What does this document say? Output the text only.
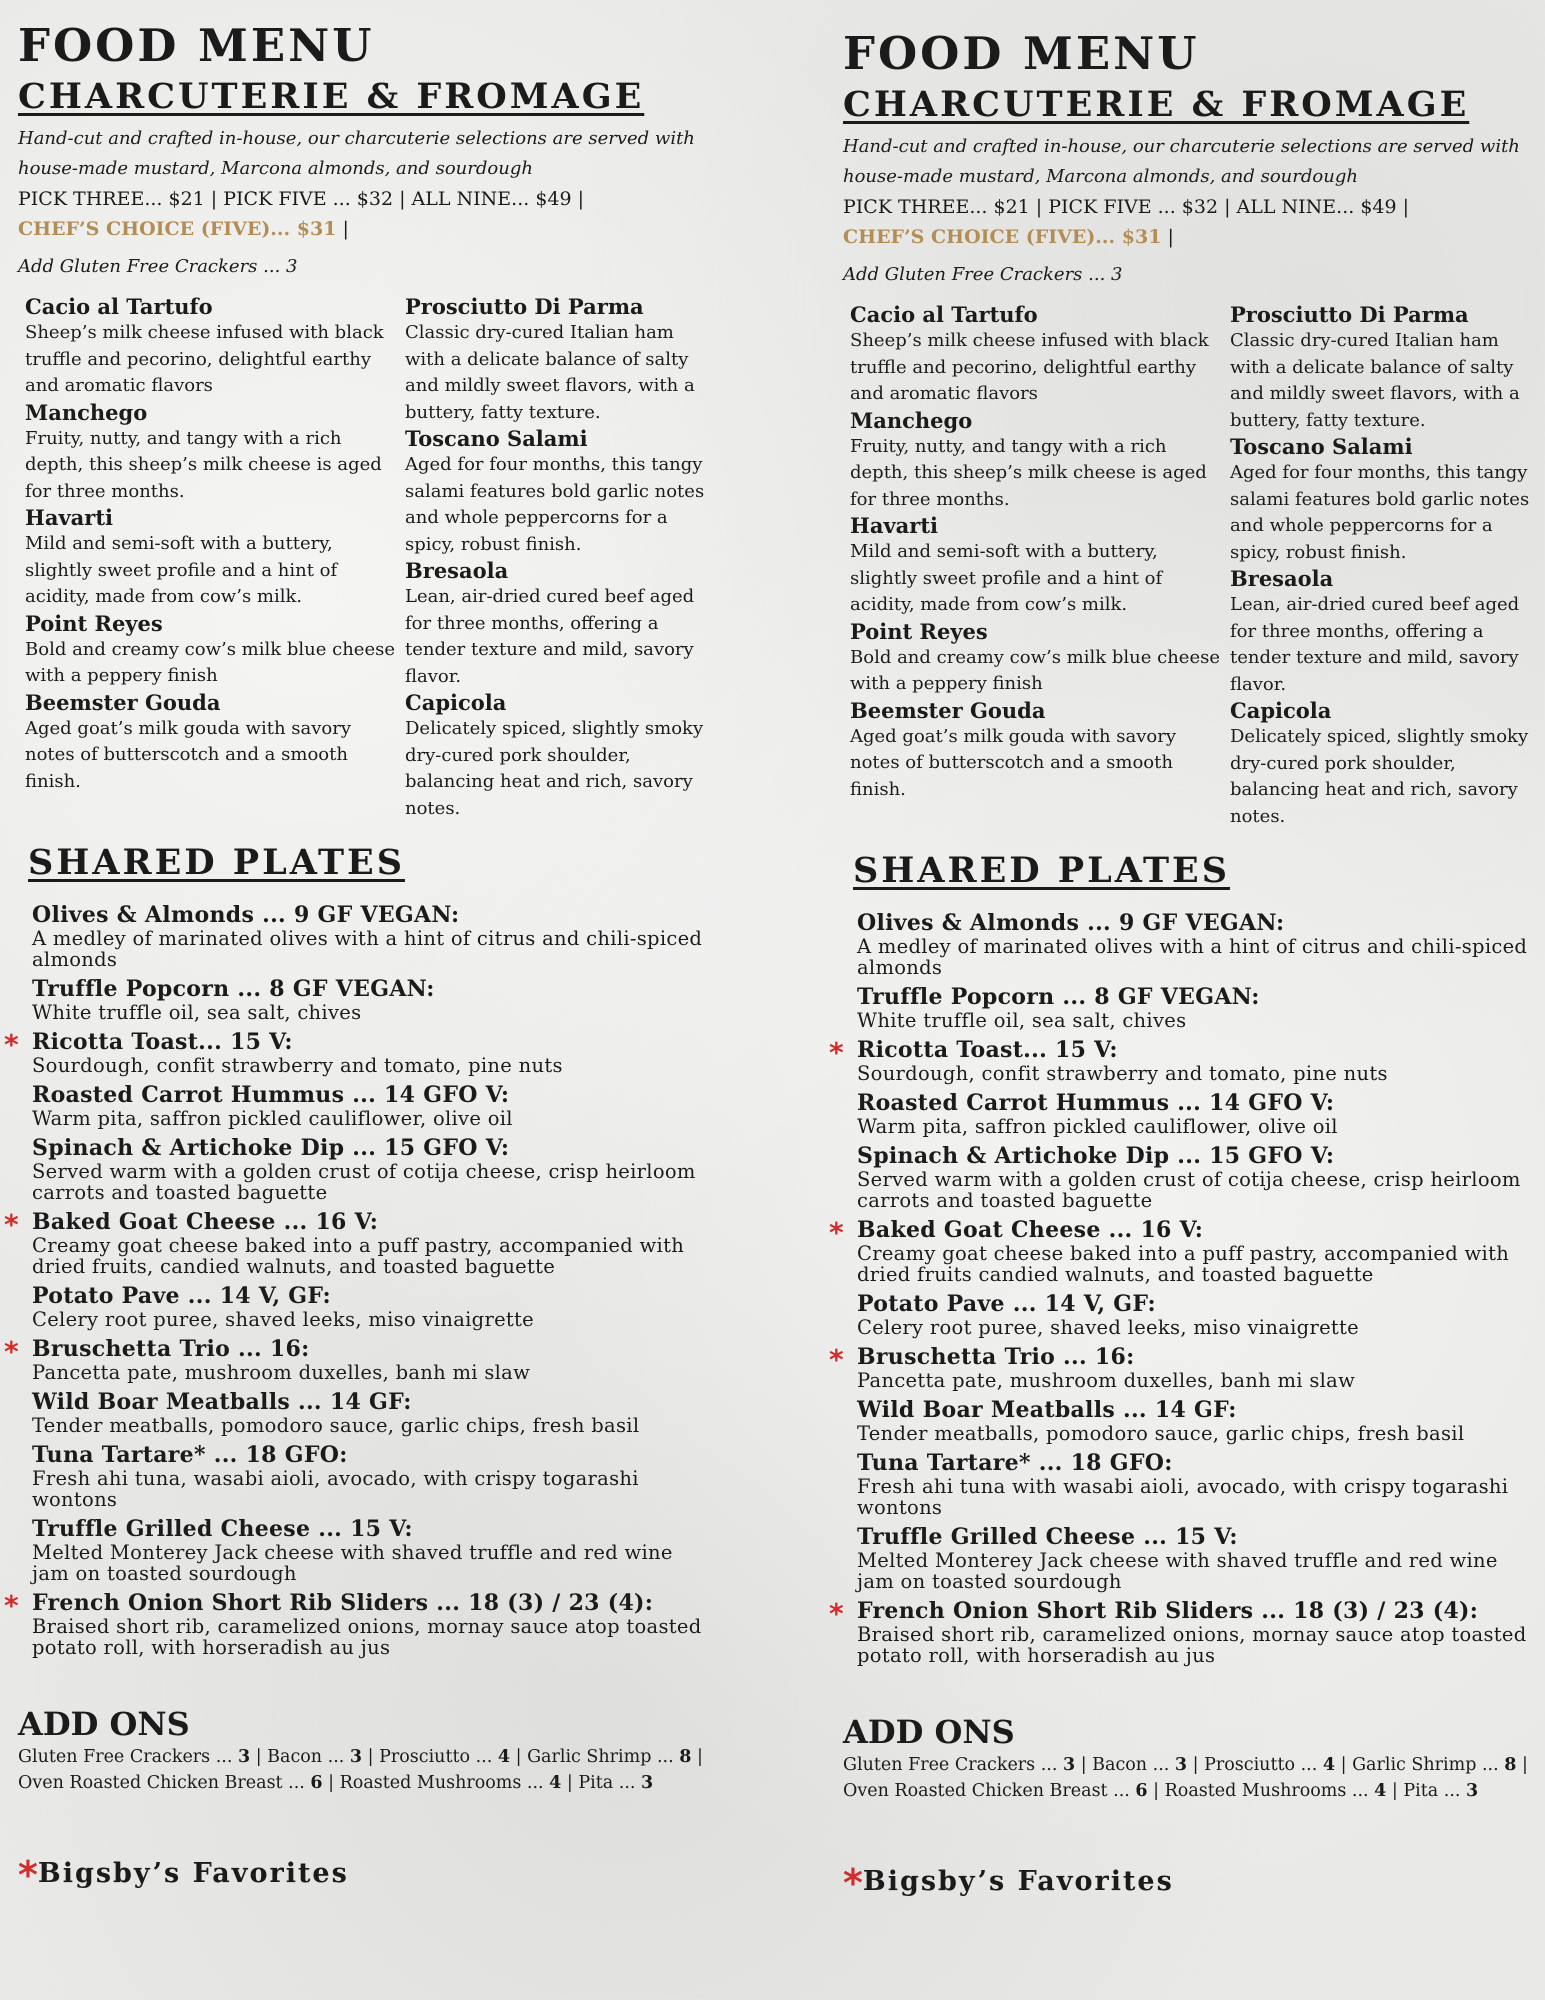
FOOD MENU
CHARCUTERIE & FROMAGE
Hand-cut and crafted in-house, our charcuterie selections are served with house-made mustard, Marcona almonds, and sourdough
PICK THREE... $21 | PICK FIVE ... $32 | ALL NINE... $49 |
CHEF’S CHOICE (FIVE)... $31 |
Add Gluten Free Crackers ... 3
Cacio al Tartufo
Sheep’s milk cheese infused with black truffle and pecorino, delightful earthy and aromatic flavors
Manchego
Fruity, nutty, and tangy with a rich depth, this sheep’s milk cheese is aged for three months.
Havarti
Mild and semi-soft with a buttery, slightly sweet profile and a hint of acidity, made from cow’s milk.
Point Reyes
Bold and creamy cow’s milk blue cheese with a peppery finish
Beemster Gouda
Aged goat’s milk gouda with savory notes of butterscotch and a smooth finish.
Prosciutto Di Parma
Classic dry-cured Italian ham with a delicate balance of salty and mildly sweet flavors, with a buttery, fatty texture.
Toscano Salami
Aged for four months, this tangy salami features bold garlic notes and whole peppercorns for a spicy, robust finish.
Bresaola
Lean, air-dried cured beef aged for three months, offering a tender texture and mild, savory flavor.
Capicola
Delicately spiced, slightly smoky dry-cured pork shoulder, balancing heat and rich, savory notes.
SHARED PLATES
Olives & Almonds ... 9 GF VEGAN:
A medley of marinated olives with a hint of citrus and chili-spiced almonds
Truffle Popcorn ... 8 GF VEGAN:
White truffle oil, sea salt, chives
* Ricotta Toast... 15 V:
Sourdough, confit strawberry and tomato, pine nuts
Roasted Carrot Hummus ... 14 GFO V:
Warm pita, saffron pickled cauliflower, olive oil
Spinach & Artichoke Dip ... 15 GFO V:
Served warm with a golden crust of cotija cheese, crisp heirloom carrots and toasted baguette
* Baked Goat Cheese ... 16 V:
Creamy goat cheese baked into a puff pastry, accompanied with dried fruits, candied walnuts, and toasted baguette
Potato Pave ... 14 V, GF:
Celery root puree, shaved leeks, miso vinaigrette
* Bruschetta Trio ... 16:
Pancetta pate, mushroom duxelles, banh mi slaw
Wild Boar Meatballs ... 14 GF:
Tender meatballs, pomodoro sauce, garlic chips, fresh basil
Tuna Tartare* ... 18 GFO:
Fresh ahi tuna, wasabi aioli, avocado, with crispy togarashi wontons
Truffle Grilled Cheese ... 15 V:
Melted Monterey Jack cheese with shaved truffle and red wine jam on toasted sourdough
* French Onion Short Rib Sliders ... 18 (3) / 23 (4):
Braised short rib, caramelized onions, mornay sauce atop toasted potato roll, with horseradish au jus
ADD ONS
Gluten Free Crackers ... 3 | Bacon ... 3 | Prosciutto ... 4 | Garlic Shrimp ... 8 |
Oven Roasted Chicken Breast ... 6 | Roasted Mushrooms ... 4 | Pita ... 3
*Bigsby’s Favorites
FOOD MENU
CHARCUTERIE & FROMAGE
Hand-cut and crafted in-house, our charcuterie selections are served with house-made mustard, Marcona almonds, and sourdough
PICK THREE... $21 | PICK FIVE ... $32 | ALL NINE... $49 |
CHEF’S CHOICE (FIVE)... $31 |
Add Gluten Free Crackers ... 3
Cacio al Tartufo
Sheep’s milk cheese infused with black truffle and pecorino, delightful earthy and aromatic flavors
Manchego
Fruity, nutty, and tangy with a rich depth, this sheep’s milk cheese is aged for three months.
Havarti
Mild and semi-soft with a buttery, slightly sweet profile and a hint of acidity, made from cow’s milk.
Point Reyes
Bold and creamy cow’s milk blue cheese with a peppery finish
Beemster Gouda
Aged goat’s milk gouda with savory notes of butterscotch and a smooth finish.
Prosciutto Di Parma
Classic dry-cured Italian ham with a delicate balance of salty and mildly sweet flavors, with a buttery, fatty texture.
Toscano Salami
Aged for four months, this tangy salami features bold garlic notes and whole peppercorns for a spicy, robust finish.
Bresaola
Lean, air-dried cured beef aged for three months, offering a tender texture and mild, savory flavor.
Capicola
Delicately spiced, slightly smoky dry-cured pork shoulder, balancing heat and rich, savory notes.
SHARED PLATES
Olives & Almonds ... 9 GF VEGAN:
A medley of marinated olives with a hint of citrus and chili-spiced almonds
Truffle Popcorn ... 8 GF VEGAN:
White truffle oil, sea salt, chives
* Ricotta Toast... 15 V:
Sourdough, confit strawberry and tomato, pine nuts
Roasted Carrot Hummus ... 14 GFO V:
Warm pita, saffron pickled cauliflower, olive oil
Spinach & Artichoke Dip ... 15 GFO V:
Served warm with a golden crust of cotija cheese, crisp heirloom carrots and toasted baguette
* Baked Goat Cheese ... 16 V:
Creamy goat cheese baked into a puff pastry, accompanied with dried fruits candied walnuts, and toasted baguette
Potato Pave ... 14 V, GF:
Celery root puree, shaved leeks, miso vinaigrette
* Bruschetta Trio ... 16:
Pancetta pate, mushroom duxelles, banh mi slaw
Wild Boar Meatballs ... 14 GF:
Tender meatballs, pomodoro sauce, garlic chips, fresh basil
Tuna Tartare* ... 18 GFO:
Fresh ahi tuna with wasabi aioli, avocado, with crispy togarashi wontons
Truffle Grilled Cheese ... 15 V:
Melted Monterey Jack cheese with shaved truffle and red wine jam on toasted sourdough
* French Onion Short Rib Sliders ... 18 (3) / 23 (4):
Braised short rib, caramelized onions, mornay sauce atop toasted potato roll, with horseradish au jus
ADD ONS
Gluten Free Crackers ... 3 | Bacon ... 3 | Prosciutto ... 4 | Garlic Shrimp ... 8 |
Oven Roasted Chicken Breast ... 6 | Roasted Mushrooms ... 4 | Pita ... 3
*Bigsby’s Favorites
